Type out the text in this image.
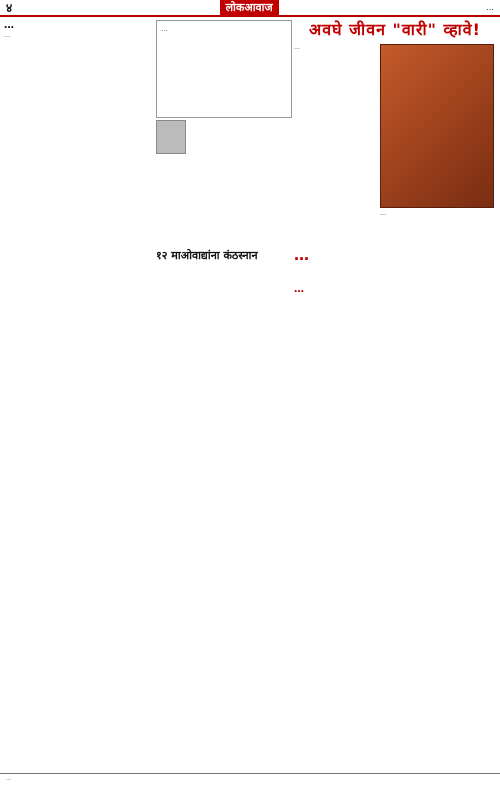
४	लोकआवाज	…
…
…
…	अवघे जीवन "वारी" व्हावे!
…
…
१२ माओवाद्यांना कंठस्नान	…
…
…
